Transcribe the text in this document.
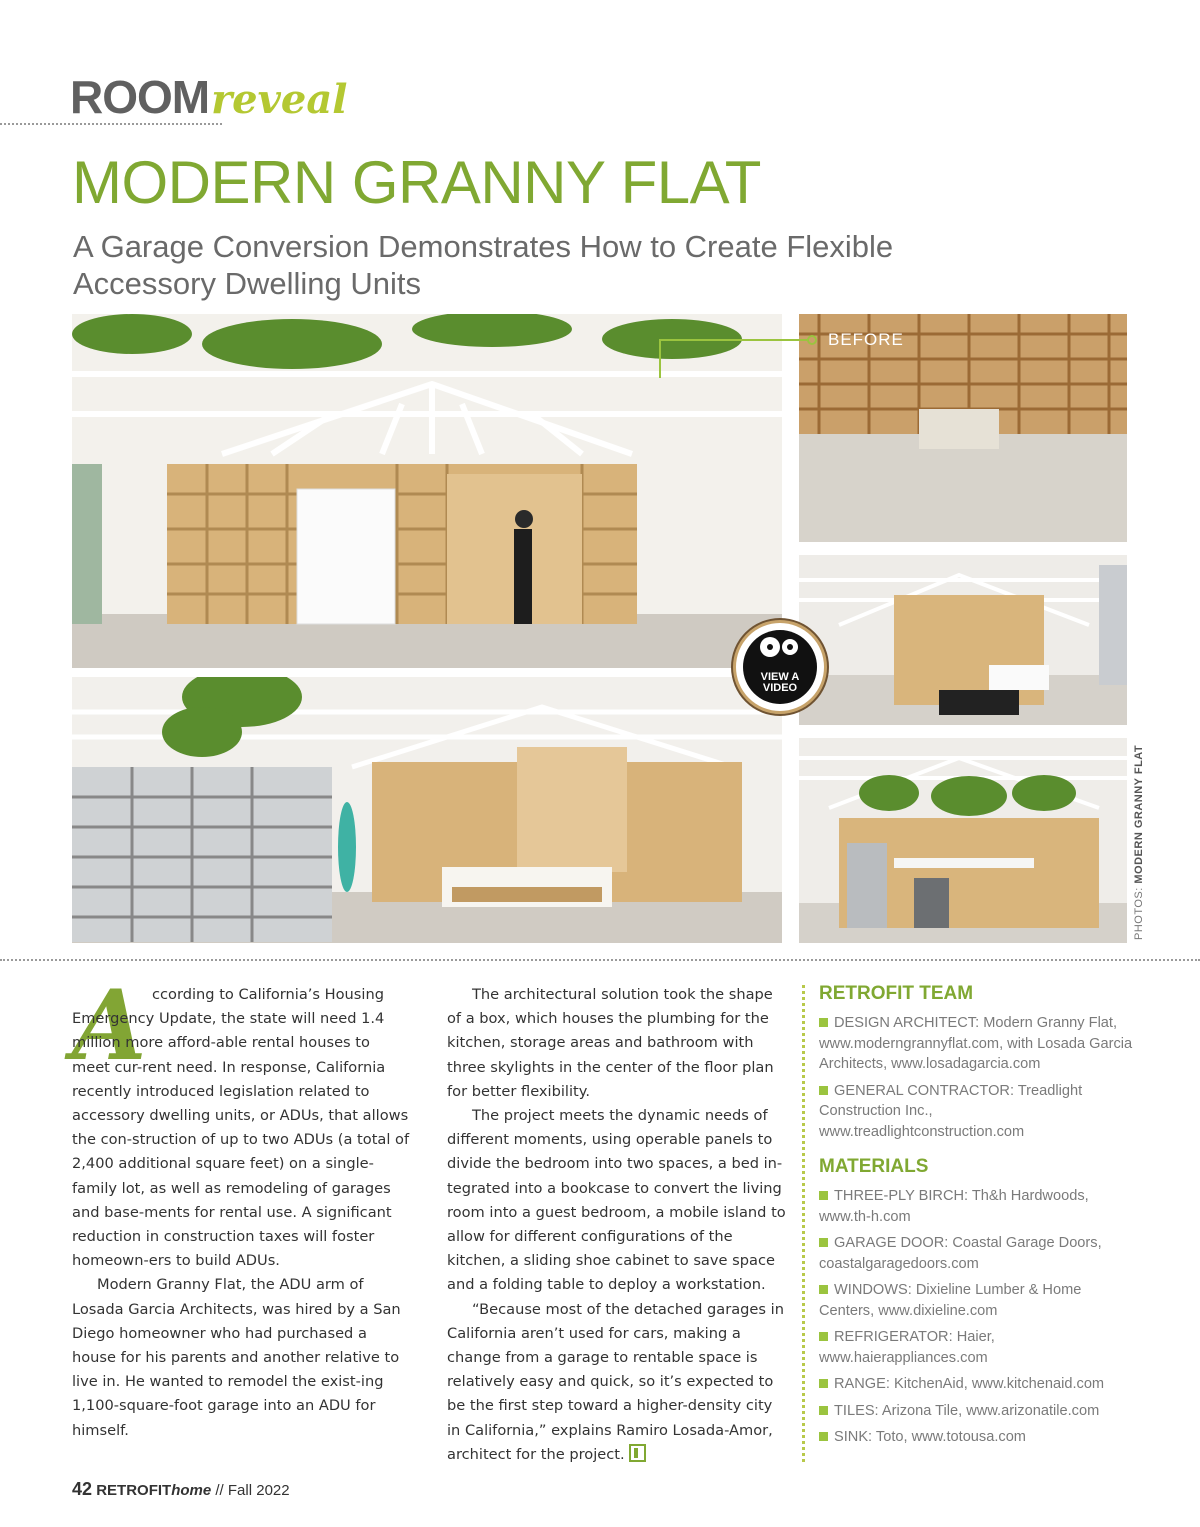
ROOMreveal
MODERN GRANNY FLAT
A Garage Conversion Demonstrates How to Create Flexible Accessory Dwelling Units
BEFORE
VIEW A VIDEO
PHOTOS: MODERN GRANNY FLAT
A ccording to California’s Housing Emergency Update, the state will need 1.4 million more afford-able rental houses to meet cur-rent need. In response, California recently introduced legislation related to accessory dwelling units, or ADUs, that allows the con-struction of up to two ADUs (a total of 2,400 additional square feet) on a single-family lot, as well as remodeling of garages and base-ments for rental use. A significant reduction in construction taxes will foster homeown-ers to build ADUs.

Modern Granny Flat, the ADU arm of Losada Garcia Architects, was hired by a San Diego homeowner who had purchased a house for his parents and another relative to live in. He wanted to remodel the exist-ing 1,100-square-foot garage into an ADU for himself.

The architectural solution took the shape of a box, which houses the plumbing for the kitchen, storage areas and bathroom with three skylights in the center of the floor plan for better flexibility.

The project meets the dynamic needs of different moments, using operable panels to divide the bedroom into two spaces, a bed in-tegrated into a bookcase to convert the living room into a guest bedroom, a mobile island to allow for different configurations of the kitchen, a sliding shoe cabinet to save space and a folding table to deploy a workstation.

“Because most of the detached garages in California aren’t used for cars, making a change from a garage to rentable space is relatively easy and quick, so it’s expected to be the first step toward a higher-density city in California,” explains Ramiro Losada-Amor, architect for the project.

RETROFIT TEAM
DESIGN ARCHITECT: Modern Granny Flat, www.moderngrannyflat.com, with Losada Garcia Architects, www.losadagarcia.com
GENERAL CONTRACTOR: Treadlight Construction Inc., www.treadlightconstruction.com
MATERIALS
THREE-PLY BIRCH: Th&h Hardwoods, www.th-h.com
GARAGE DOOR: Coastal Garage Doors, coastalgaragedoors.com
WINDOWS: Dixieline Lumber & Home Centers, www.dixieline.com
REFRIGERATOR: Haier, www.haierappliances.com
RANGE: KitchenAid, www.kitchenaid.com
TILES: Arizona Tile, www.arizonatile.com
SINK: Toto, www.totousa.com
42 RETROFIThome // Fall 2022
